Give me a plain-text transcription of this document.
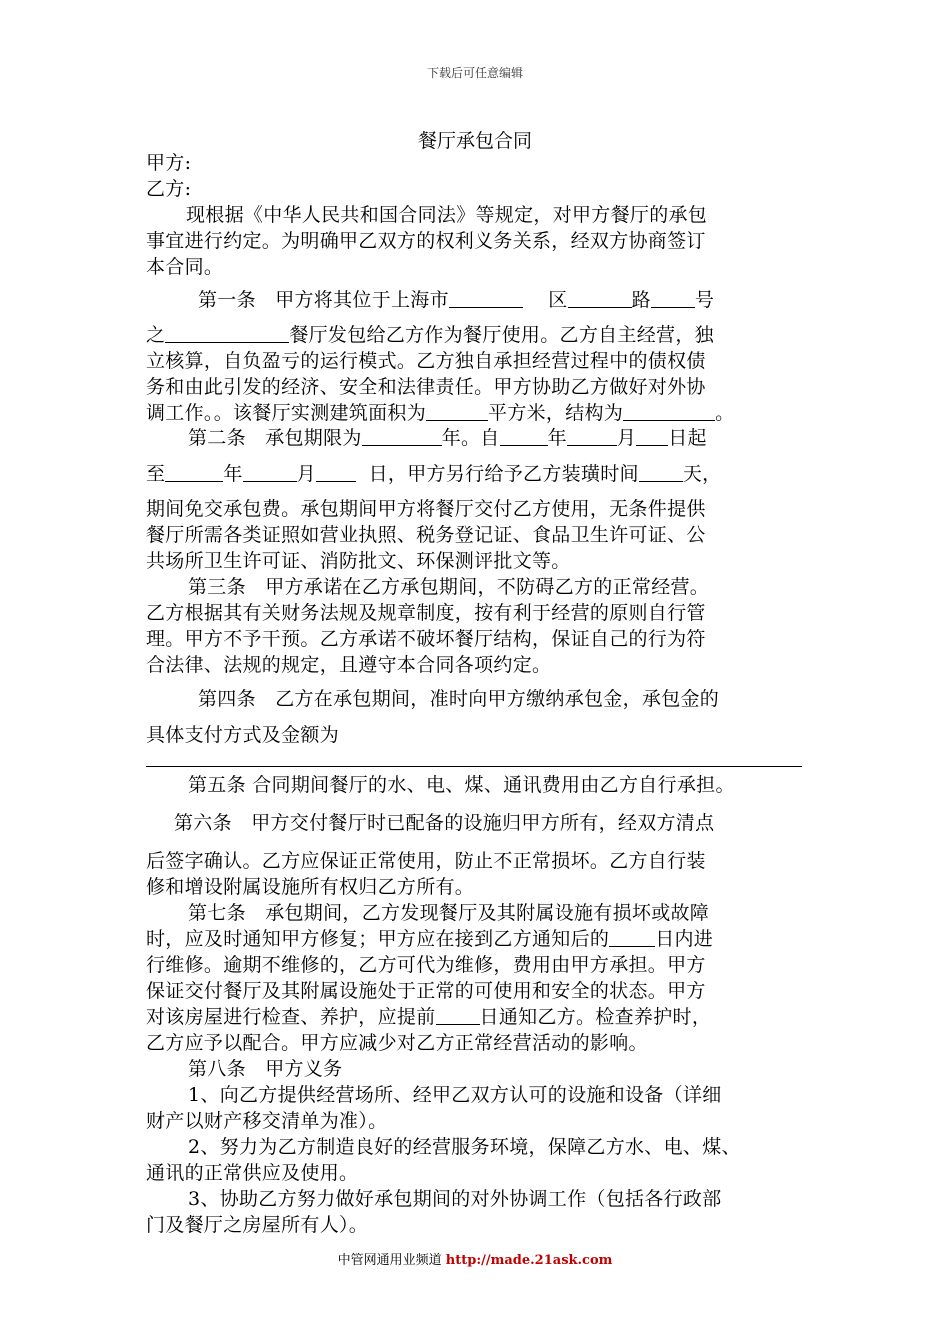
下载后可任意编辑
餐厅承包合同
甲方:
乙方:
现根据《中华人民共和国合同法》等规定，对甲方餐厅的承包
事宜进行约定。为明确甲乙双方的权利义务关系，经双方协商签订
本合同。
第一条　甲方将其位于上海市	区	路 号
之	餐厅发包给乙方作为餐厅使用。乙方自主经营，独
立核算，自负盈亏的运行模式。乙方独自承担经营过程中的债权债
务和由此引发的经济、安全和法律责任。甲方协助乙方做好对外协
调工作。。该餐厅实测建筑面积为	平方米，结构为	。
第二条　承包期限为	年。自	年	月 日起
至	年	月	日，甲方另行给予乙方装璜时间 天，
期间免交承包费。承包期间甲方将餐厅交付乙方使用，无条件提供
餐厅所需各类证照如营业执照、税务登记证、食品卫生许可证、公
共场所卫生许可证、消防批文、环保测评批文等。
第三条　甲方承诺在乙方承包期间，不防碍乙方的正常经营。
乙方根据其有关财务法规及规章制度，按有利于经营的原则自行管
理。甲方不予干预。乙方承诺不破坏餐厅结构，保证自己的行为符
合法律、法规的规定，且遵守本合同各项约定。
第四条　乙方在承包期间，准时向甲方缴纳承包金，承包金的
具体支付方式及金额为
第五条 合同期间餐厅的水、电、煤、通讯费用由乙方自行承担。
第六条　甲方交付餐厅时已配备的设施归甲方所有，经双方清点
后签字确认。乙方应保证正常使用，防止不正常损坏。乙方自行装
修和增设附属设施所有权归乙方所有。
第七条　承包期间，乙方发现餐厅及其附属设施有损坏或故障
时，应及时通知甲方修复；甲方应在接到乙方通知后的 日内进
行维修。逾期不维修的，乙方可代为维修，费用由甲方承担。甲方
保证交付餐厅及其附属设施处于正常的可使用和安全的状态。甲方
对该房屋进行检查、养护，应提前 日通知乙方。检查养护时，
乙方应予以配合。甲方应减少对乙方正常经营活动的影响。
第八条　甲方义务
1、向乙方提供经营场所、经甲乙双方认可的设施和设备（详细
财产以财产移交清单为准）。
2、努力为乙方制造良好的经营服务环境，保障乙方水、电、煤、
通讯的正常供应及使用。
3、协助乙方努力做好承包期间的对外协调工作（包括各行政部
门及餐厅之房屋所有人）。
中管网通用业频道 http://made.21ask.com
